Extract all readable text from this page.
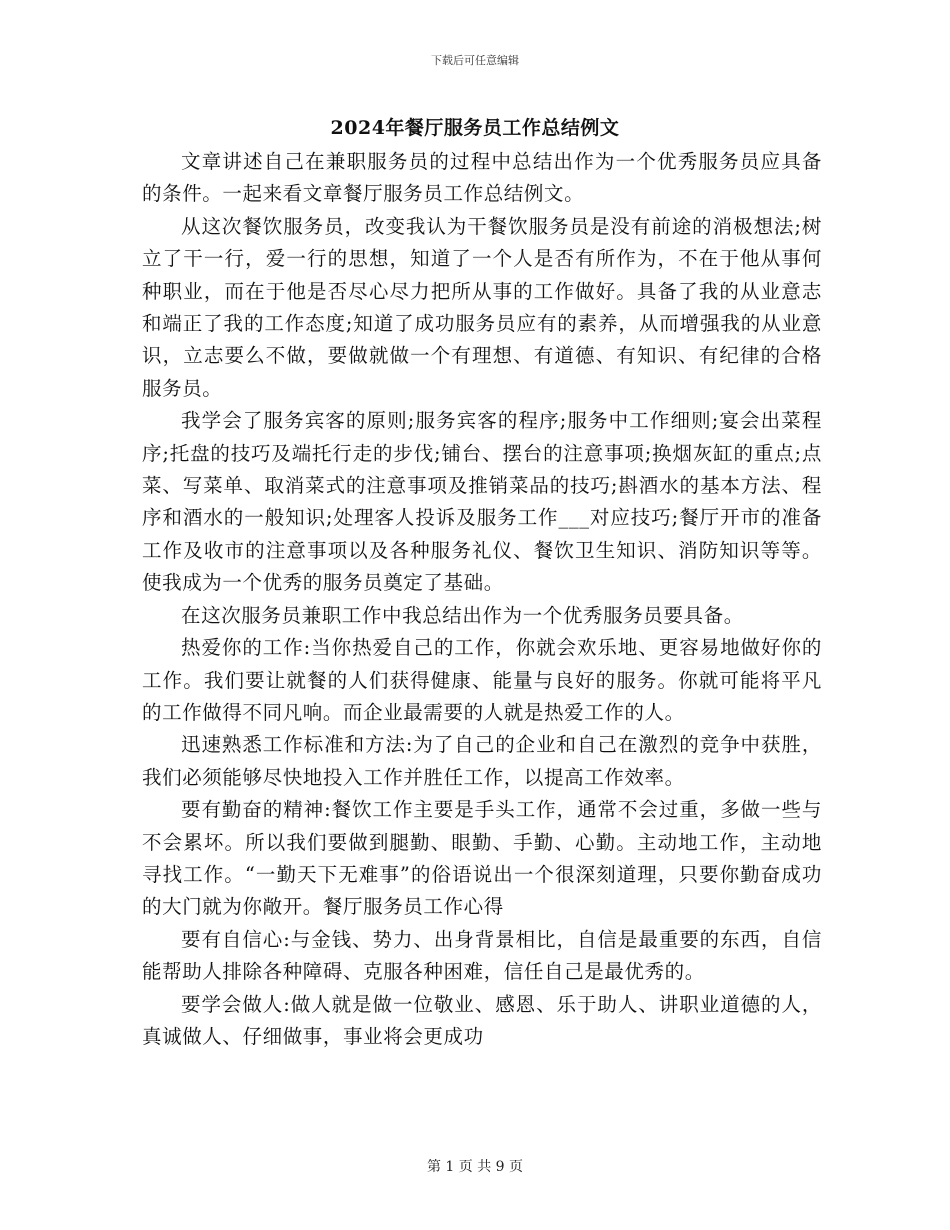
下载后可任意编辑
2024年餐厅服务员工作总结例文

文章讲述自己在兼职服务员的过程中总结出作为一个优秀服务员应具备的条件。一起来看文章餐厅服务员工作总结例文。

从这次餐饮服务员，改变我认为干餐饮服务员是没有前途的消极想法;树立了干一行，爱一行的思想，知道了一个人是否有所作为，不在于他从事何种职业，而在于他是否尽心尽力把所从事的工作做好。具备了我的从业意志和端正了我的工作态度;知道了成功服务员应有的素养，从而增强我的从业意识，立志要么不做，要做就做一个有理想、有道德、有知识、有纪律的合格服务员。

我学会了服务宾客的原则;服务宾客的程序;服务中工作细则;宴会出菜程序;托盘的技巧及端托行走的步伐;铺台、摆台的注意事项;换烟灰缸的重点;点菜、写菜单、取消菜式的注意事项及推销菜品的技巧;斟酒水的基本方法、程序和酒水的一般知识;处理客人投诉及服务工作___对应技巧;餐厅开市的准备工作及收市的注意事项以及各种服务礼仪、餐饮卫生知识、消防知识等等。使我成为一个优秀的服务员奠定了基础。

在这次服务员兼职工作中我总结出作为一个优秀服务员要具备。

热爱你的工作:当你热爱自己的工作，你就会欢乐地、更容易地做好你的工作。我们要让就餐的人们获得健康、能量与良好的服务。你就可能将平凡的工作做得不同凡响。而企业最需要的人就是热爱工作的人。

迅速熟悉工作标准和方法:为了自己的企业和自己在激烈的竞争中获胜，我们必须能够尽快地投入工作并胜任工作，以提高工作效率。

要有勤奋的精神:餐饮工作主要是手头工作，通常不会过重，多做一些与不会累坏。所以我们要做到腿勤、眼勤、手勤、心勤。主动地工作，主动地寻找工作。“一勤天下无难事”的俗语说出一个很深刻道理，只要你勤奋成功的大门就为你敞开。餐厅服务员工作心得

要有自信心:与金钱、势力、出身背景相比，自信是最重要的东西，自信能帮助人排除各种障碍、克服各种困难，信任自己是最优秀的。

要学会做人:做人就是做一位敬业、感恩、乐于助人、讲职业道德的人，真诚做人、仔细做事，事业将会更成功

第 1 页 共 9 页
